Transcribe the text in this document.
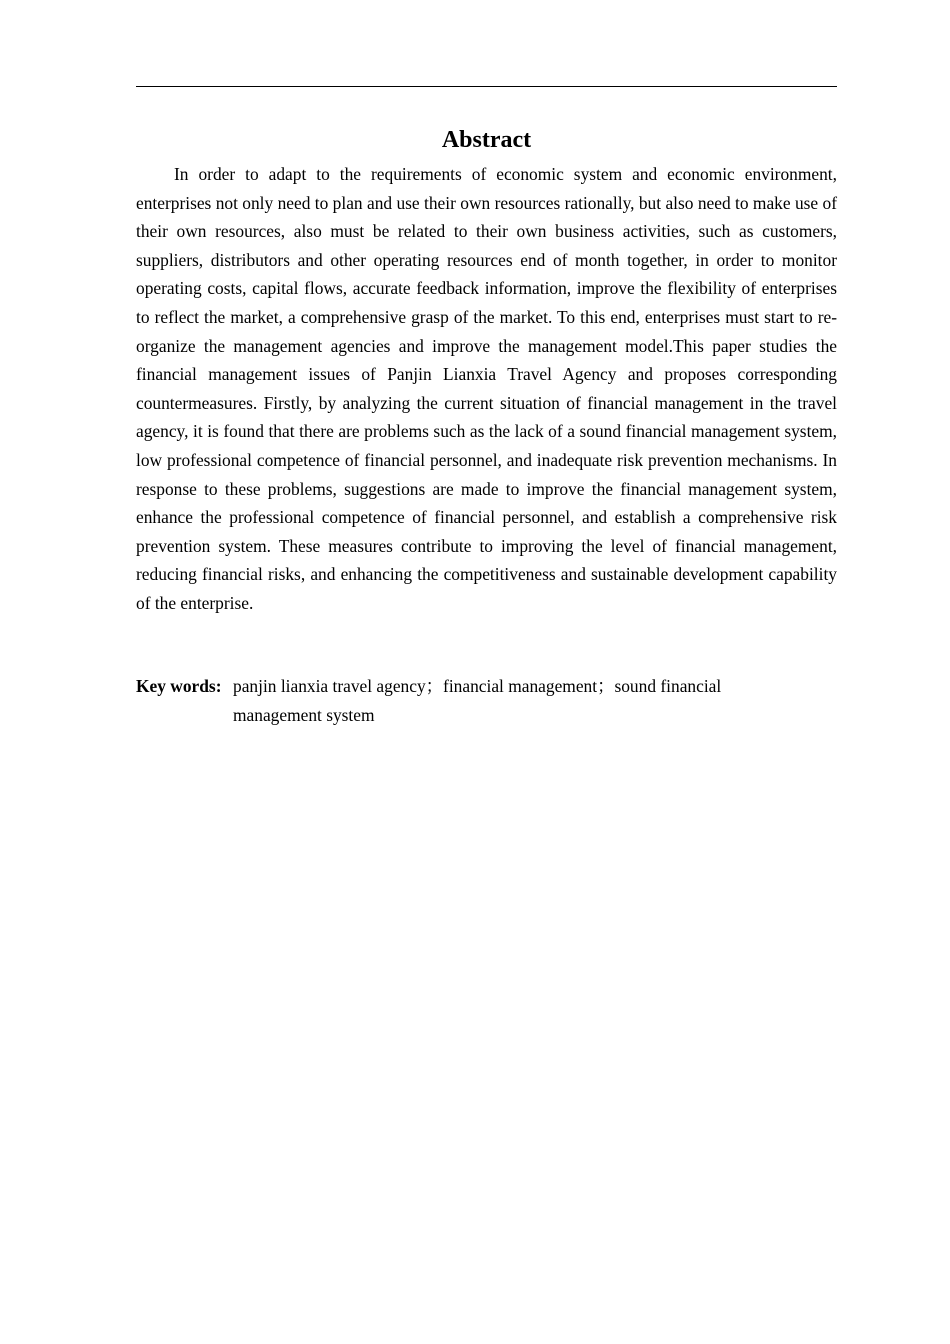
Abstract

In order to adapt to the requirements of economic system and economic environment, enterprises not only need to plan and use their own resources rationally, but also need to make use of their own resources, also must be related to their own business activities, such as customers, suppliers, distributors and other operating resources end of month together, in order to monitor operating costs, capital flows, accurate feedback information, improve the flexibility of enterprises to reflect the market, a comprehensive grasp of the market. To this end, enterprises must start to re-organize the management agencies and improve the management model.This paper studies the financial management issues of Panjin Lianxia Travel Agency and proposes corresponding countermeasures. Firstly, by analyzing the current situation of financial management in the travel agency, it is found that there are problems such as the lack of a sound financial management system, low professional competence of financial personnel, and inadequate risk prevention mechanisms. In response to these problems, suggestions are made to improve the financial management system, enhance the professional competence of financial personnel, and establish a comprehensive risk prevention system. These measures contribute to improving the level of financial management, reducing financial risks, and enhancing the competitiveness and sustainable development capability of the enterprise.

Key words: panjin lianxia travel agency；financial management；sound financial management system
